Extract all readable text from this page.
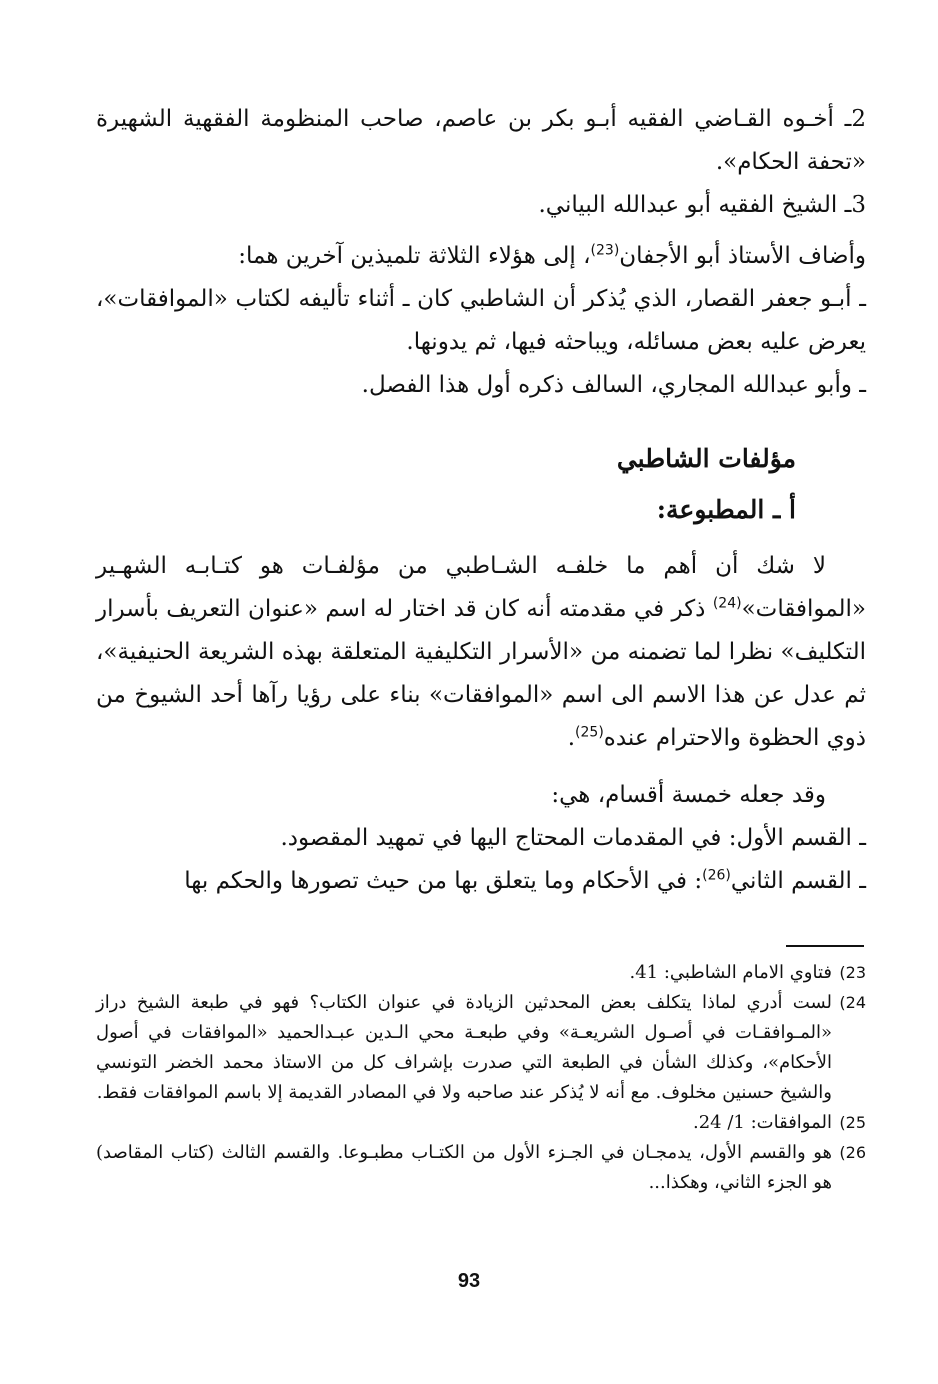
2ـ أخـوه القـاضي الفقيه أبـو بكر بن عاصم، صاحب المنظومة الفقهية الشهيرة «تحفة الحكام».

3ـ الشيخ الفقيه أبو عبدالله البياني.

وأضاف الأستاذ أبو الأجفان$^{(23)}$، إلى هؤلاء الثلاثة تلميذين آخرين هما:

ـ أبـو جعفر القصار، الذي يُذكر أن الشاطبي كان ـ أثناء تأليفه لكتاب «الموافقات»، يعرض عليه بعض مسائله، ويباحثه فيها، ثم يدونها.

ـ وأبو عبدالله المجاري، السالف ذكره أول هذا الفصل.

مؤلفات الشاطبي

أ ـ المطبوعة:

لا شك أن أهم ما خلفـه الشـاطبي من مؤلفـات هو كتـابـه الشهـير «الموافقات»$^{(24)}$ ذكر في مقدمته أنه كان قد اختار له اسم «عنوان التعريف بأسرار التكليف» نظرا لما تضمنه من «الأسرار التكليفية المتعلقة بهذه الشريعة الحنيفية»، ثم عدل عن هذا الاسم الى اسم «الموافقات» بناء على رؤيا رآها أحد الشيوخ من ذوي الحظوة والاحترام عنده$^{(25)}$.

وقد جعله خمسة أقسام، هي:

ـ القسم الأول: في المقدمات المحتاج اليها في تمهيد المقصود.

ـ القسم الثاني$^{(26)}$: في الأحكام وما يتعلق بها من حيث تصورها والحكم بها

23)
فتاوي الامام الشاطبي: 41.

24)
لست أدري لماذا يتكلف بعض المحدثين الزيادة في عنوان الكتاب؟ فهو في طبعة الشيخ دراز «المـوافقـات في أصـول الشريعـة» وفي طبعـة محي الـدين عبـدالحميد «الموافقات في أصول الأحكام»، وكذلك الشأن في الطبعة التي صدرت بإشراف كل من الاستاذ محمد الخضر التونسي والشيخ حسنين مخلوف. مع أنه لا يُذكر عند صاحبه ولا في المصادر القديمة إلا باسم الموافقات فقط.

25)
الموافقات: 1/ 24.

26)
هو والقسم الأول، يدمجـان في الجـزء الأول من الكتـاب مطبـوعا. والقسم الثالث (كتاب المقاصد) هو الجزء الثاني، وهكذا...

93
